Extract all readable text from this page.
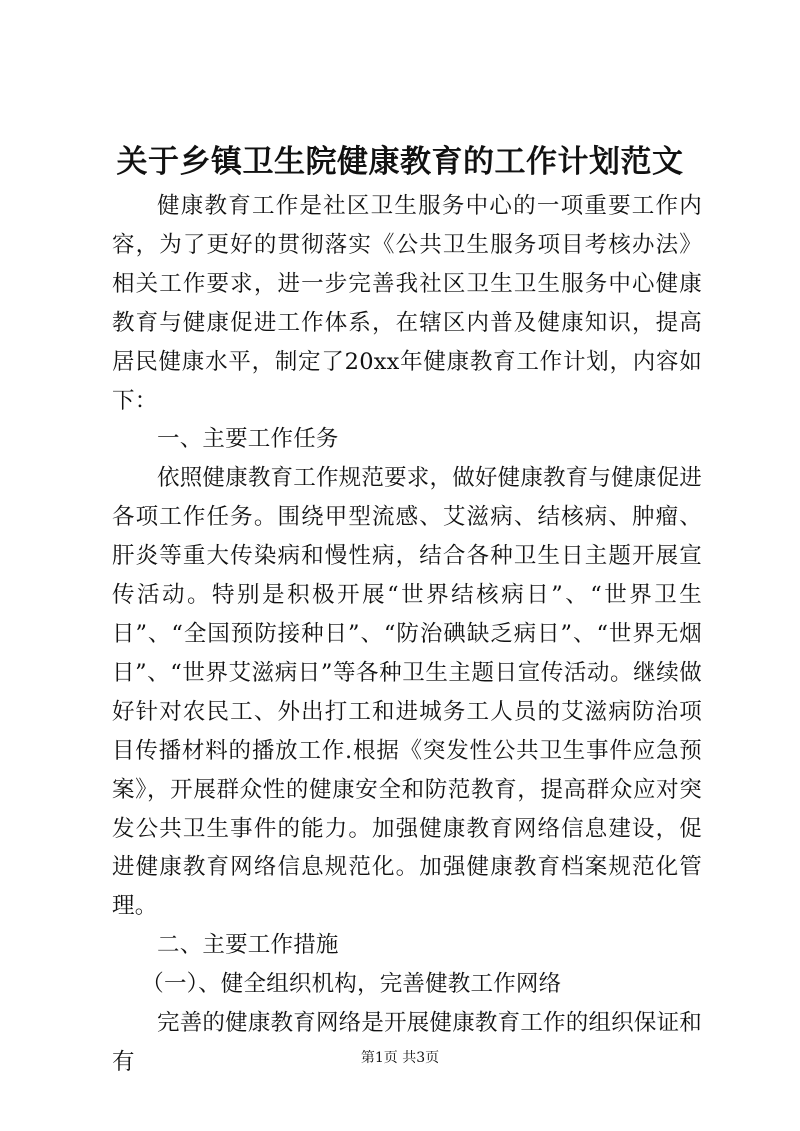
关于乡镇卫生院健康教育的工作计划范文

健康教育工作是社区卫生服务中心的一项重要工作内容，为了更好的贯彻落实《公共卫生服务项目考核办法》相关工作要求，进一步完善我社区卫生卫生服务中心健康教育与健康促进工作体系，在辖区内普及健康知识，提高居民健康水平，制定了20xx年健康教育工作计划，内容如下：

一、主要工作任务

依照健康教育工作规范要求，做好健康教育与健康促进各项工作任务。围绕甲型流感、艾滋病、结核病、肿瘤、肝炎等重大传染病和慢性病，结合各种卫生日主题开展宣传活动。特别是积极开展“世界结核病日”、“世界卫生日”、“全国预防接种日”、“防治碘缺乏病日”、“世界无烟日”、“世界艾滋病日”等各种卫生主题日宣传活动。继续做好针对农民工、外出打工和进城务工人员的艾滋病防治项目传播材料的播放工作.根据《突发性公共卫生事件应急预案》，开展群众性的健康安全和防范教育，提高群众应对突发公共卫生事件的能力。加强健康教育网络信息建设，促进健康教育网络信息规范化。加强健康教育档案规范化管理。

二、主要工作措施

（一）、健全组织机构，完善健教工作网络

完善的健康教育网络是开展健康教育工作的组织保证和有	第1页 共3页
